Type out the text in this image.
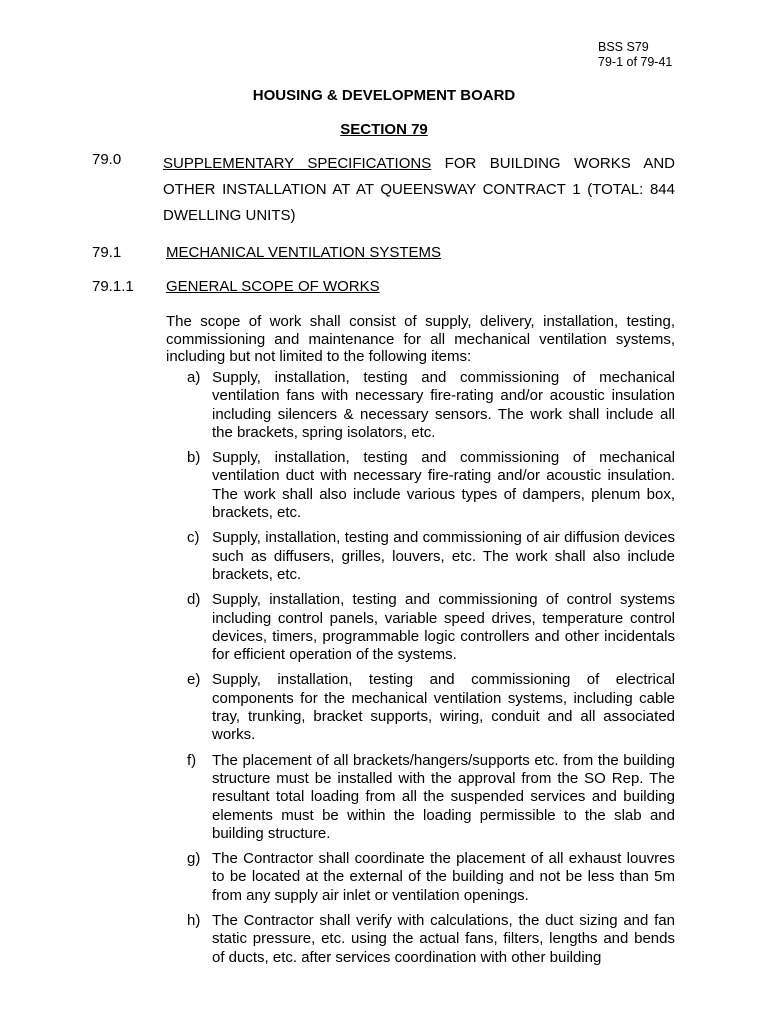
BSS S79
79-1 of 79-41
HOUSING & DEVELOPMENT BOARD
SECTION 79
79.0	SUPPLEMENTARY SPECIFICATIONS FOR BUILDING WORKS AND OTHER INSTALLATION AT AT QUEENSWAY CONTRACT 1 (TOTAL: 844 DWELLING UNITS)
79.1	MECHANICAL VENTILATION SYSTEMS
79.1.1 GENERAL SCOPE OF WORKS
The scope of work shall consist of supply, delivery, installation, testing, commissioning and maintenance for all mechanical ventilation systems, including but not limited to the following items:
a) Supply, installation, testing and commissioning of mechanical ventilation fans with necessary fire-rating and/or acoustic insulation including silencers & necessary sensors. The work shall include all the brackets, spring isolators, etc.
b) Supply, installation, testing and commissioning of mechanical ventilation duct with necessary fire-rating and/or acoustic insulation. The work shall also include various types of dampers, plenum box, brackets, etc.
c) Supply, installation, testing and commissioning of air diffusion devices such as diffusers, grilles, louvers, etc. The work shall also include brackets, etc.
d) Supply, installation, testing and commissioning of control systems including control panels, variable speed drives, temperature control devices, timers, programmable logic controllers and other incidentals for efficient operation of the systems.
e) Supply, installation, testing and commissioning of electrical components for the mechanical ventilation systems, including cable tray, trunking, bracket supports, wiring, conduit and all associated works.
f)	The placement of all brackets/hangers/supports etc. from the building structure must be installed with the approval from the SO Rep. The resultant total loading from all the suspended services and building elements must be within the loading permissible to the slab and building structure.
g) The Contractor shall coordinate the placement of all exhaust louvres to be located at the external of the building and not be less than 5m from any supply air inlet or ventilation openings.
h) The Contractor shall verify with calculations, the duct sizing and fan static pressure, etc. using the actual fans, filters, lengths and bends of ducts, etc. after services coordination with other building
